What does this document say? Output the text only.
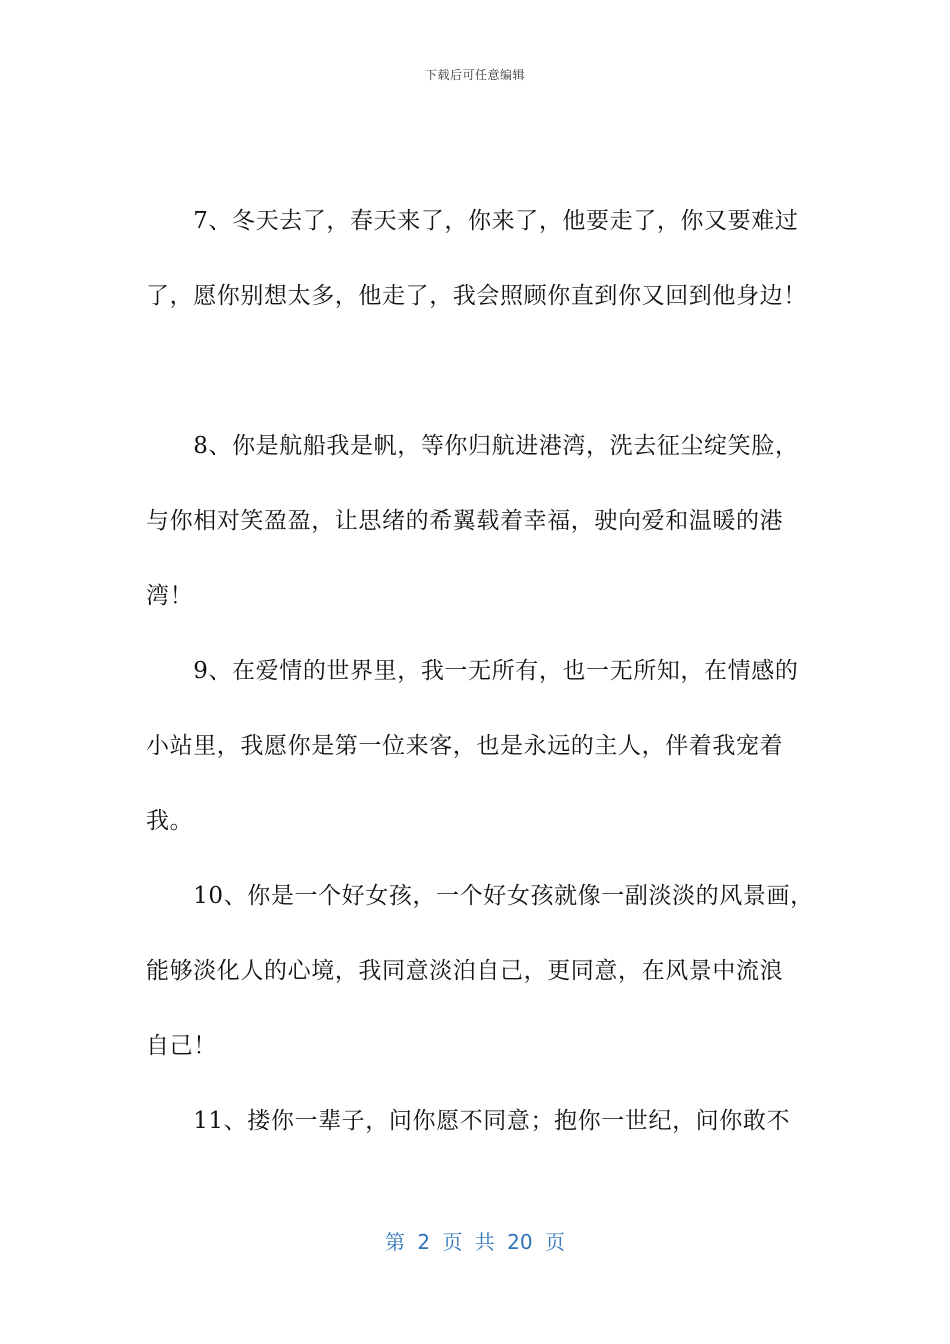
下载后可任意编辑
　　7、冬天去了，春天来了，你来了，他要走了，你又要难过
了，愿你别想太多，他走了，我会照顾你直到你又回到他身边！
　　8、你是航船我是帆，等你归航进港湾，洗去征尘绽笑脸，
与你相对笑盈盈，让思绪的希翼载着幸福，驶向爱和温暖的港
湾！
　　9、在爱情的世界里，我一无所有，也一无所知，在情感的
小站里，我愿你是第一位来客，也是永远的主人，伴着我宠着
我。
　　10、你是一个好女孩，一个好女孩就像一副淡淡的风景画，
能够淡化人的心境，我同意淡泊自己，更同意，在风景中流浪
自己！
　　11、搂你一辈子，问你愿不同意；抱你一世纪，问你敢不
第 2 页 共 20 页
